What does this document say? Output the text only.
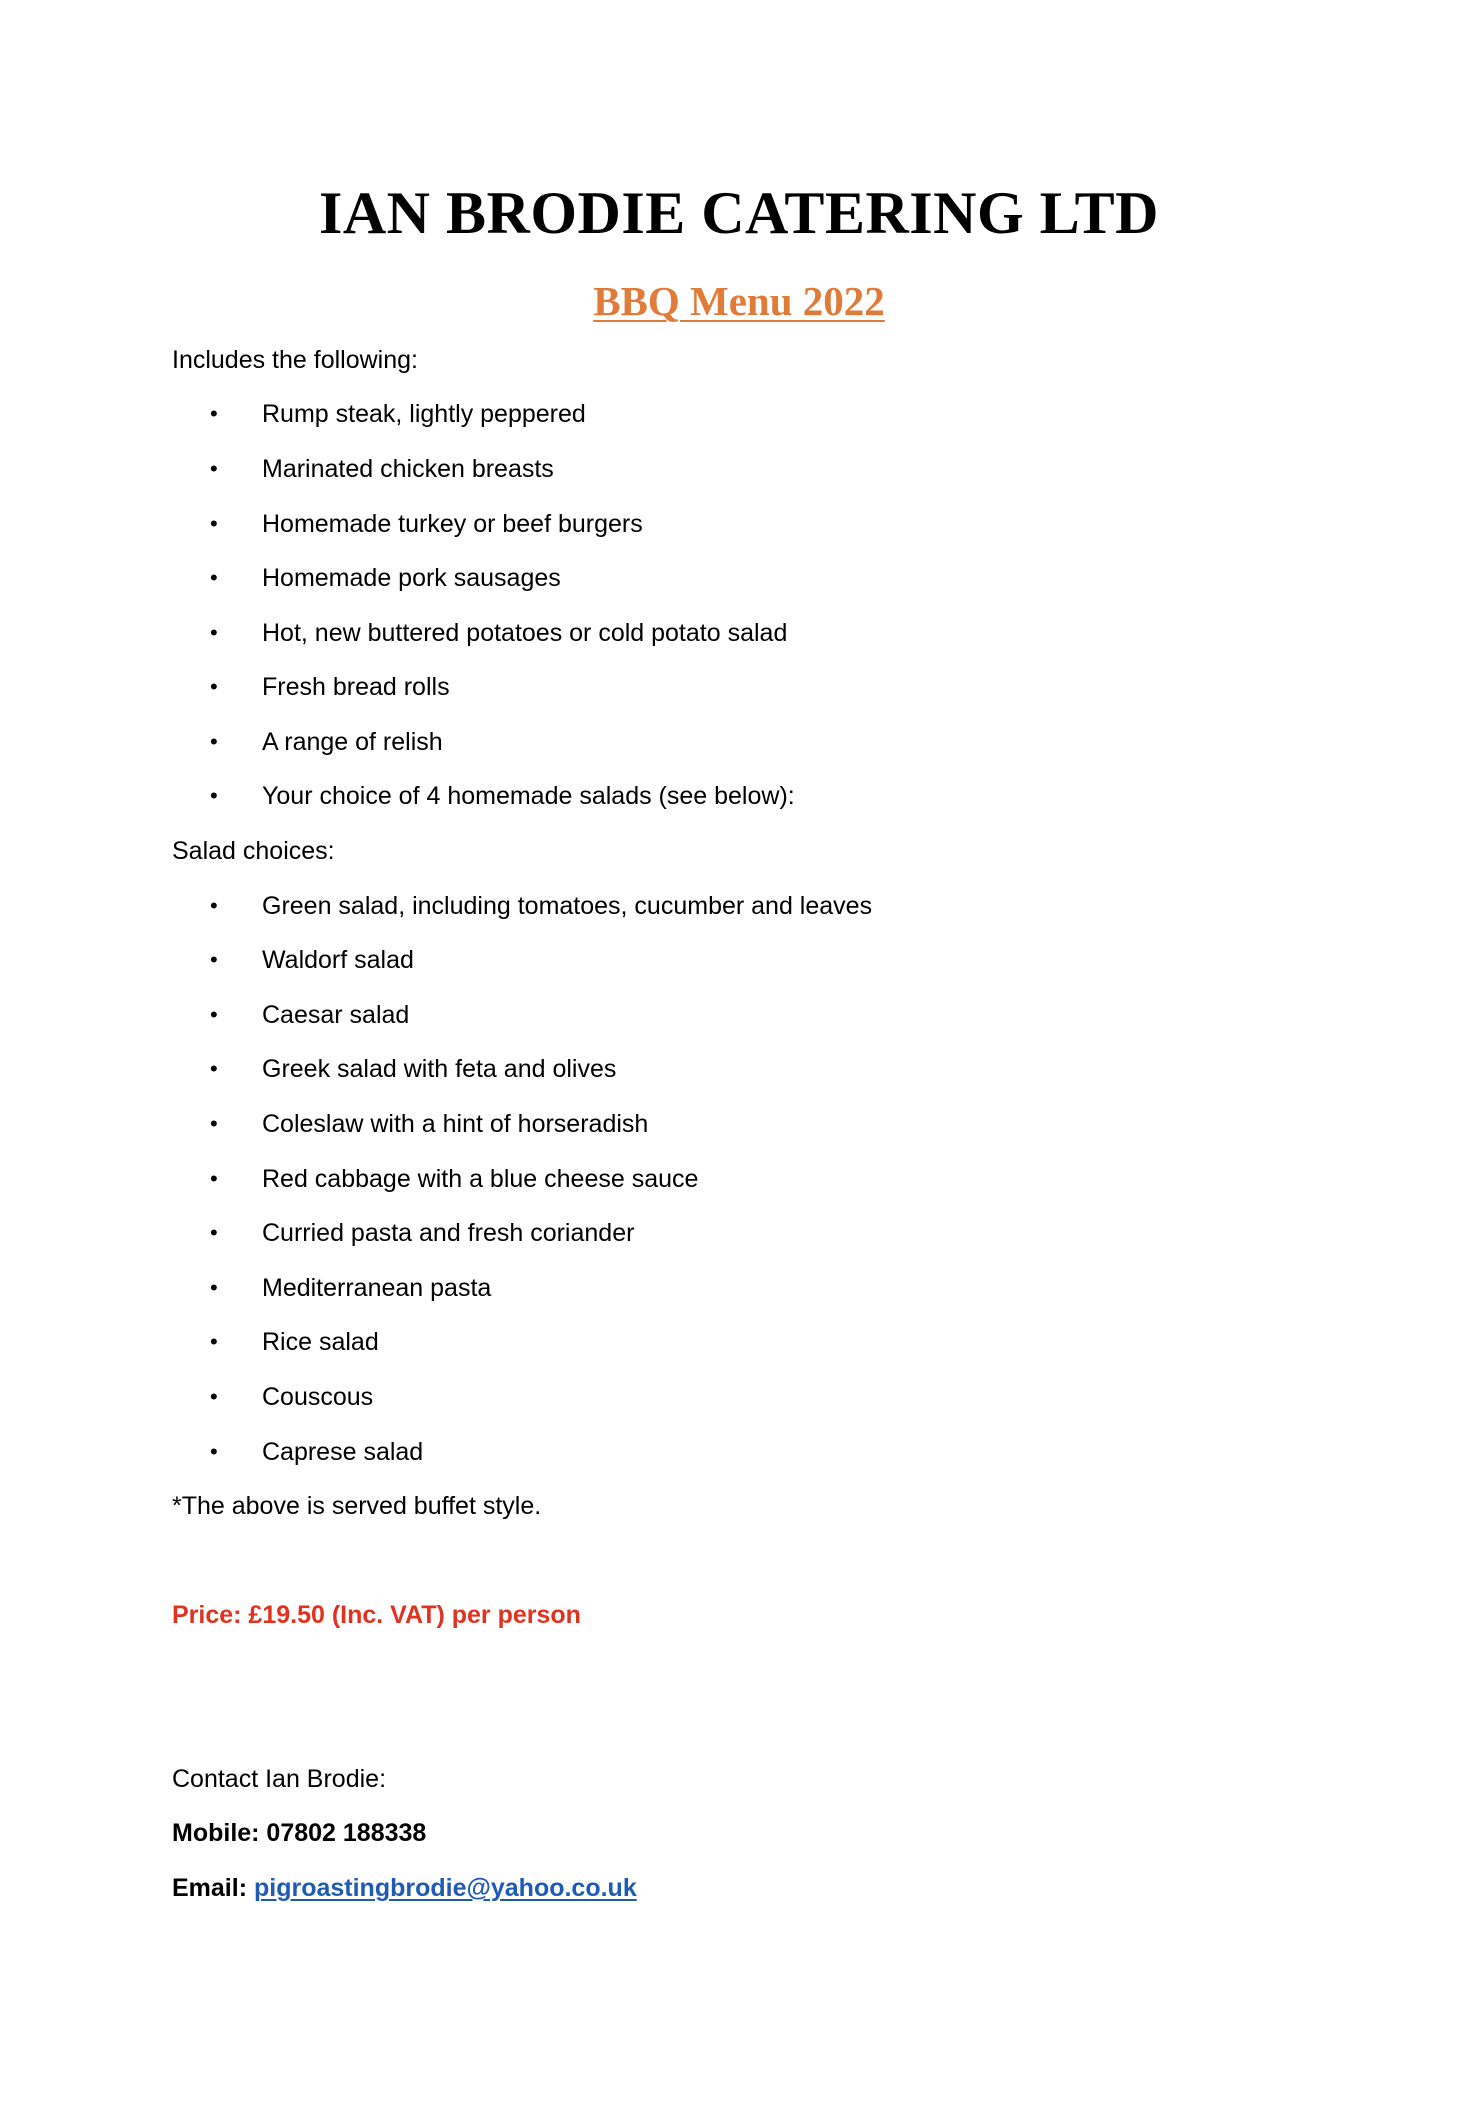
IAN BRODIE CATERING LTD
BBQ Menu 2022

Includes the following:

•	Rump steak, lightly peppered
•	Marinated chicken breasts
•	Homemade turkey or beef burgers
•	Homemade pork sausages
•	Hot, new buttered potatoes or cold potato salad
•	Fresh bread rolls
•	A range of relish
•	Your choice of 4 homemade salads (see below):

Salad choices:

•	Green salad, including tomatoes, cucumber and leaves
•	Waldorf salad
•	Caesar salad
•	Greek salad with feta and olives
•	Coleslaw with a hint of horseradish
•	Red cabbage with a blue cheese sauce
•	Curried pasta and fresh coriander
•	Mediterranean pasta
•	Rice salad
•	Couscous
•	Caprese salad

*The above is served buffet style.

Price: £19.50 (Inc. VAT) per person

Contact Ian Brodie:

Mobile: 07802 188338

Email: pigroastingbrodie@yahoo.co.uk
